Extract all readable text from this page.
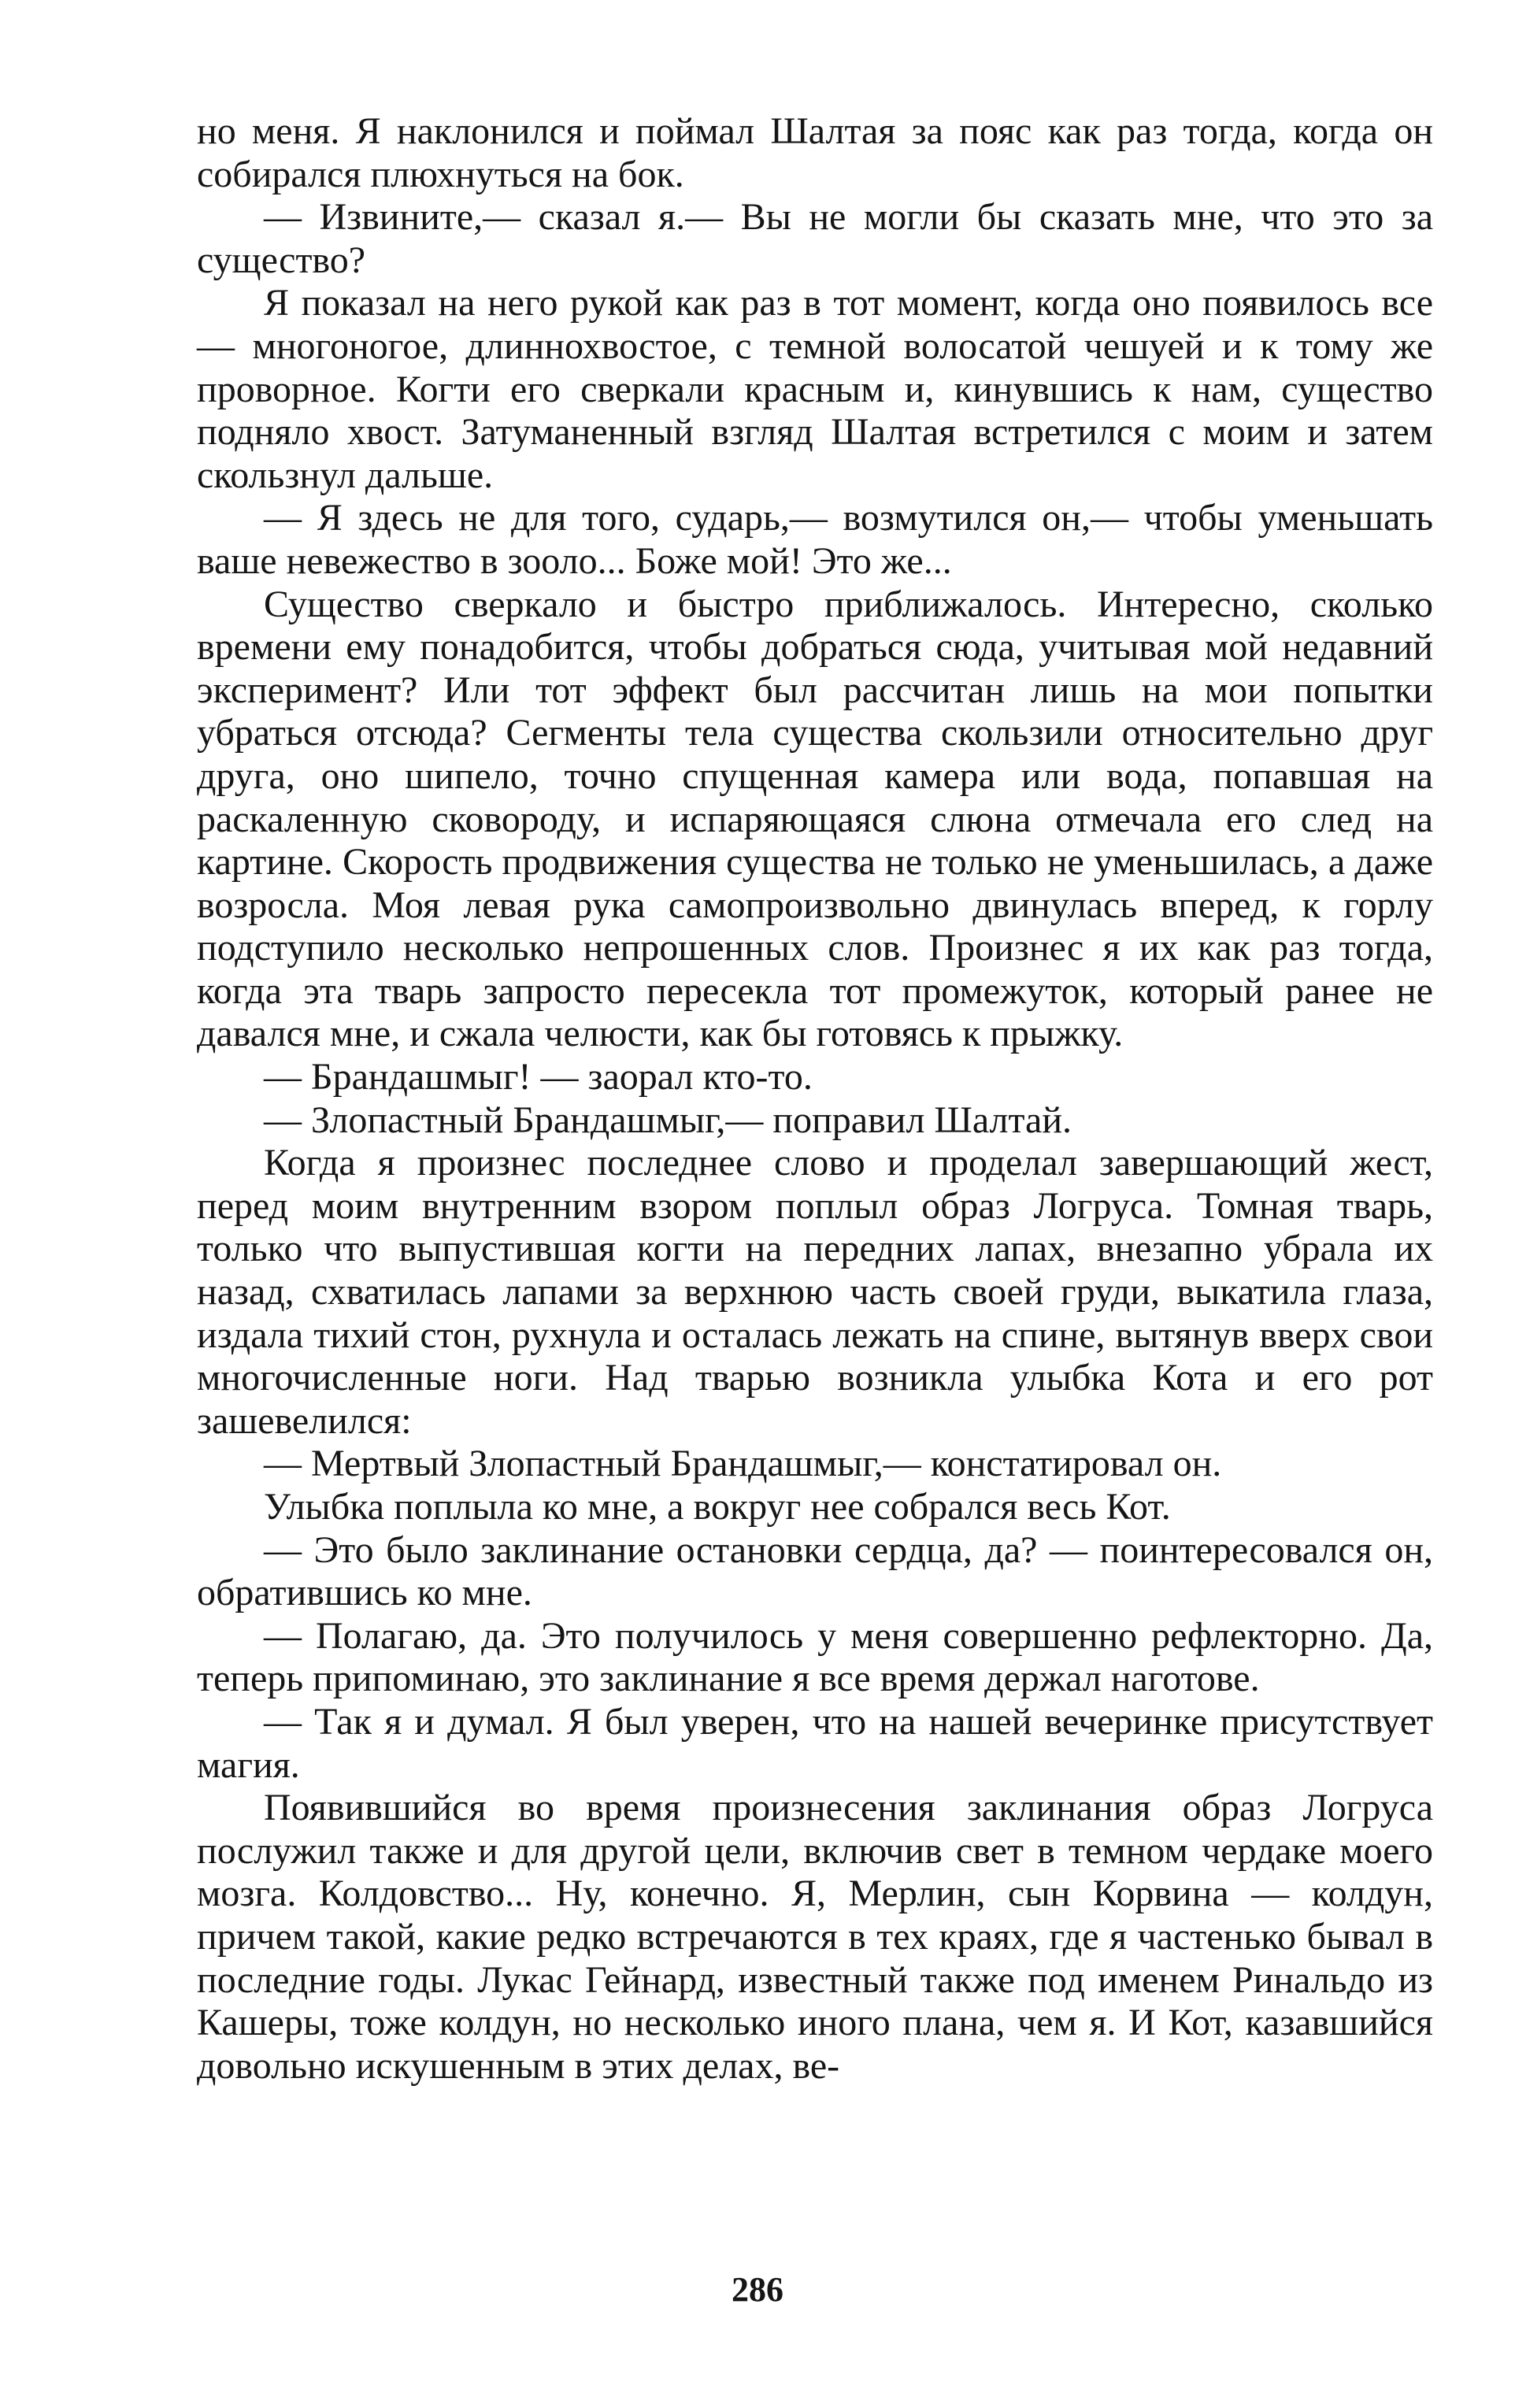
но меня. Я наклонился и поймал Шалтая за пояс как раз тогда, когда он собирался плюхнуться на бок.

— Извините,— сказал я.— Вы не могли бы сказать мне, что это за существо?

Я показал на него рукой как раз в тот момент, когда оно появилось все — многоногое, длиннохвостое, с темной волосатой чешуей и к тому же проворное. Когти его сверкали красным и, кинувшись к нам, существо подняло хвост. Затуманенный взгляд Шалтая встретился с моим и затем скользнул дальше.

— Я здесь не для того, сударь,— возмутился он,— чтобы уменьшать ваше невежество в зооло... Боже мой! Это же...

Существо сверкало и быстро приближалось. Интересно, сколько времени ему понадобится, чтобы добраться сюда, учитывая мой недавний эксперимент? Или тот эффект был рассчитан лишь на мои попытки убраться отсюда? Сегменты тела существа скользили относительно друг друга, оно шипело, точно спущенная камера или вода, попавшая на раскаленную сковороду, и испаряющаяся слюна отмечала его след на картине. Скорость продвижения существа не только не уменьшилась, а даже возросла. Моя левая рука самопроизвольно двинулась вперед, к горлу подступило несколько непрошенных слов. Произнес я их как раз тогда, когда эта тварь запросто пересекла тот промежуток, который ранее не давался мне, и сжала челюсти, как бы готовясь к прыжку.

— Брандашмыг! — заорал кто-то.

— Злопастный Брандашмыг,— поправил Шалтай.

Когда я произнес последнее слово и проделал завершающий жест, перед моим внутренним взором поплыл образ Логруса. Томная тварь, только что выпустившая когти на передних лапах, внезапно убрала их назад, схватилась лапами за верхнюю часть своей груди, выкатила глаза, издала тихий стон, рухнула и осталась лежать на спине, вытянув вверх свои многочисленные ноги. Над тварью возникла улыбка Кота и его рот зашевелился:

— Мертвый Злопастный Брандашмыг,— констатировал он.

Улыбка поплыла ко мне, а вокруг нее собрался весь Кот.

— Это было заклинание остановки сердца, да? — поинтересовался он, обратившись ко мне.

— Полагаю, да. Это получилось у меня совершенно рефлекторно. Да, теперь припоминаю, это заклинание я все время держал наготове.

— Так я и думал. Я был уверен, что на нашей вечеринке присутствует магия.

Появившийся во время произнесения заклинания образ Логруса послужил также и для другой цели, включив свет в темном чердаке моего мозга. Колдовство... Ну, конечно. Я, Мерлин, сын Корвина — колдун, причем такой, какие редко встречаются в тех краях, где я частенько бывал в последние годы. Лукас Гейнард, известный также под именем Ринальдо из Кашеры, тоже колдун, но несколько иного плана, чем я. И Кот, казавшийся довольно искушенным в этих делах, ве-

286
